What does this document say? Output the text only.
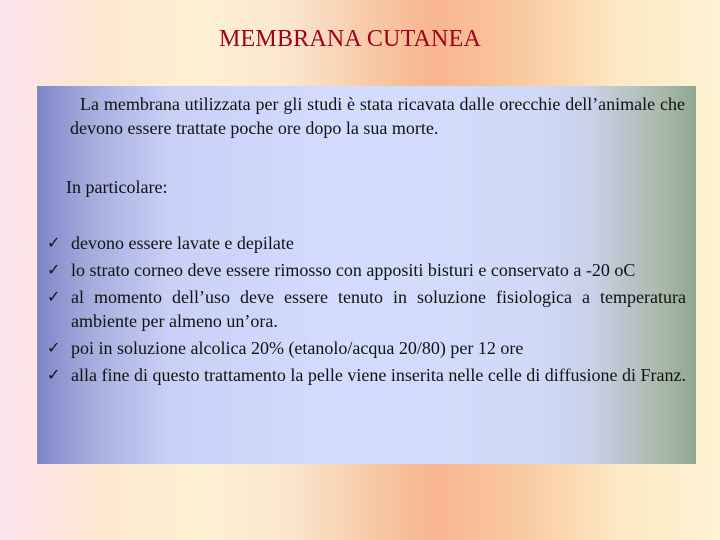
MEMBRANA CUTANEA
La membrana utilizzata per gli studi è stata ricavata dalle orecchie dell’animale che devono essere trattate poche ore dopo la sua morte.
In particolare:
✓ devono essere lavate e depilate
✓ lo strato corneo deve essere rimosso con appositi bisturi e conservato a -20 oC
✓ al momento dell’uso deve essere tenuto in soluzione fisiologica a temperatura ambiente per almeno un’ora.
✓ poi in soluzione alcolica 20% (etanolo/acqua 20/80) per 12 ore
✓ alla fine di questo trattamento la pelle viene inserita nelle celle di diffusione di Franz.
